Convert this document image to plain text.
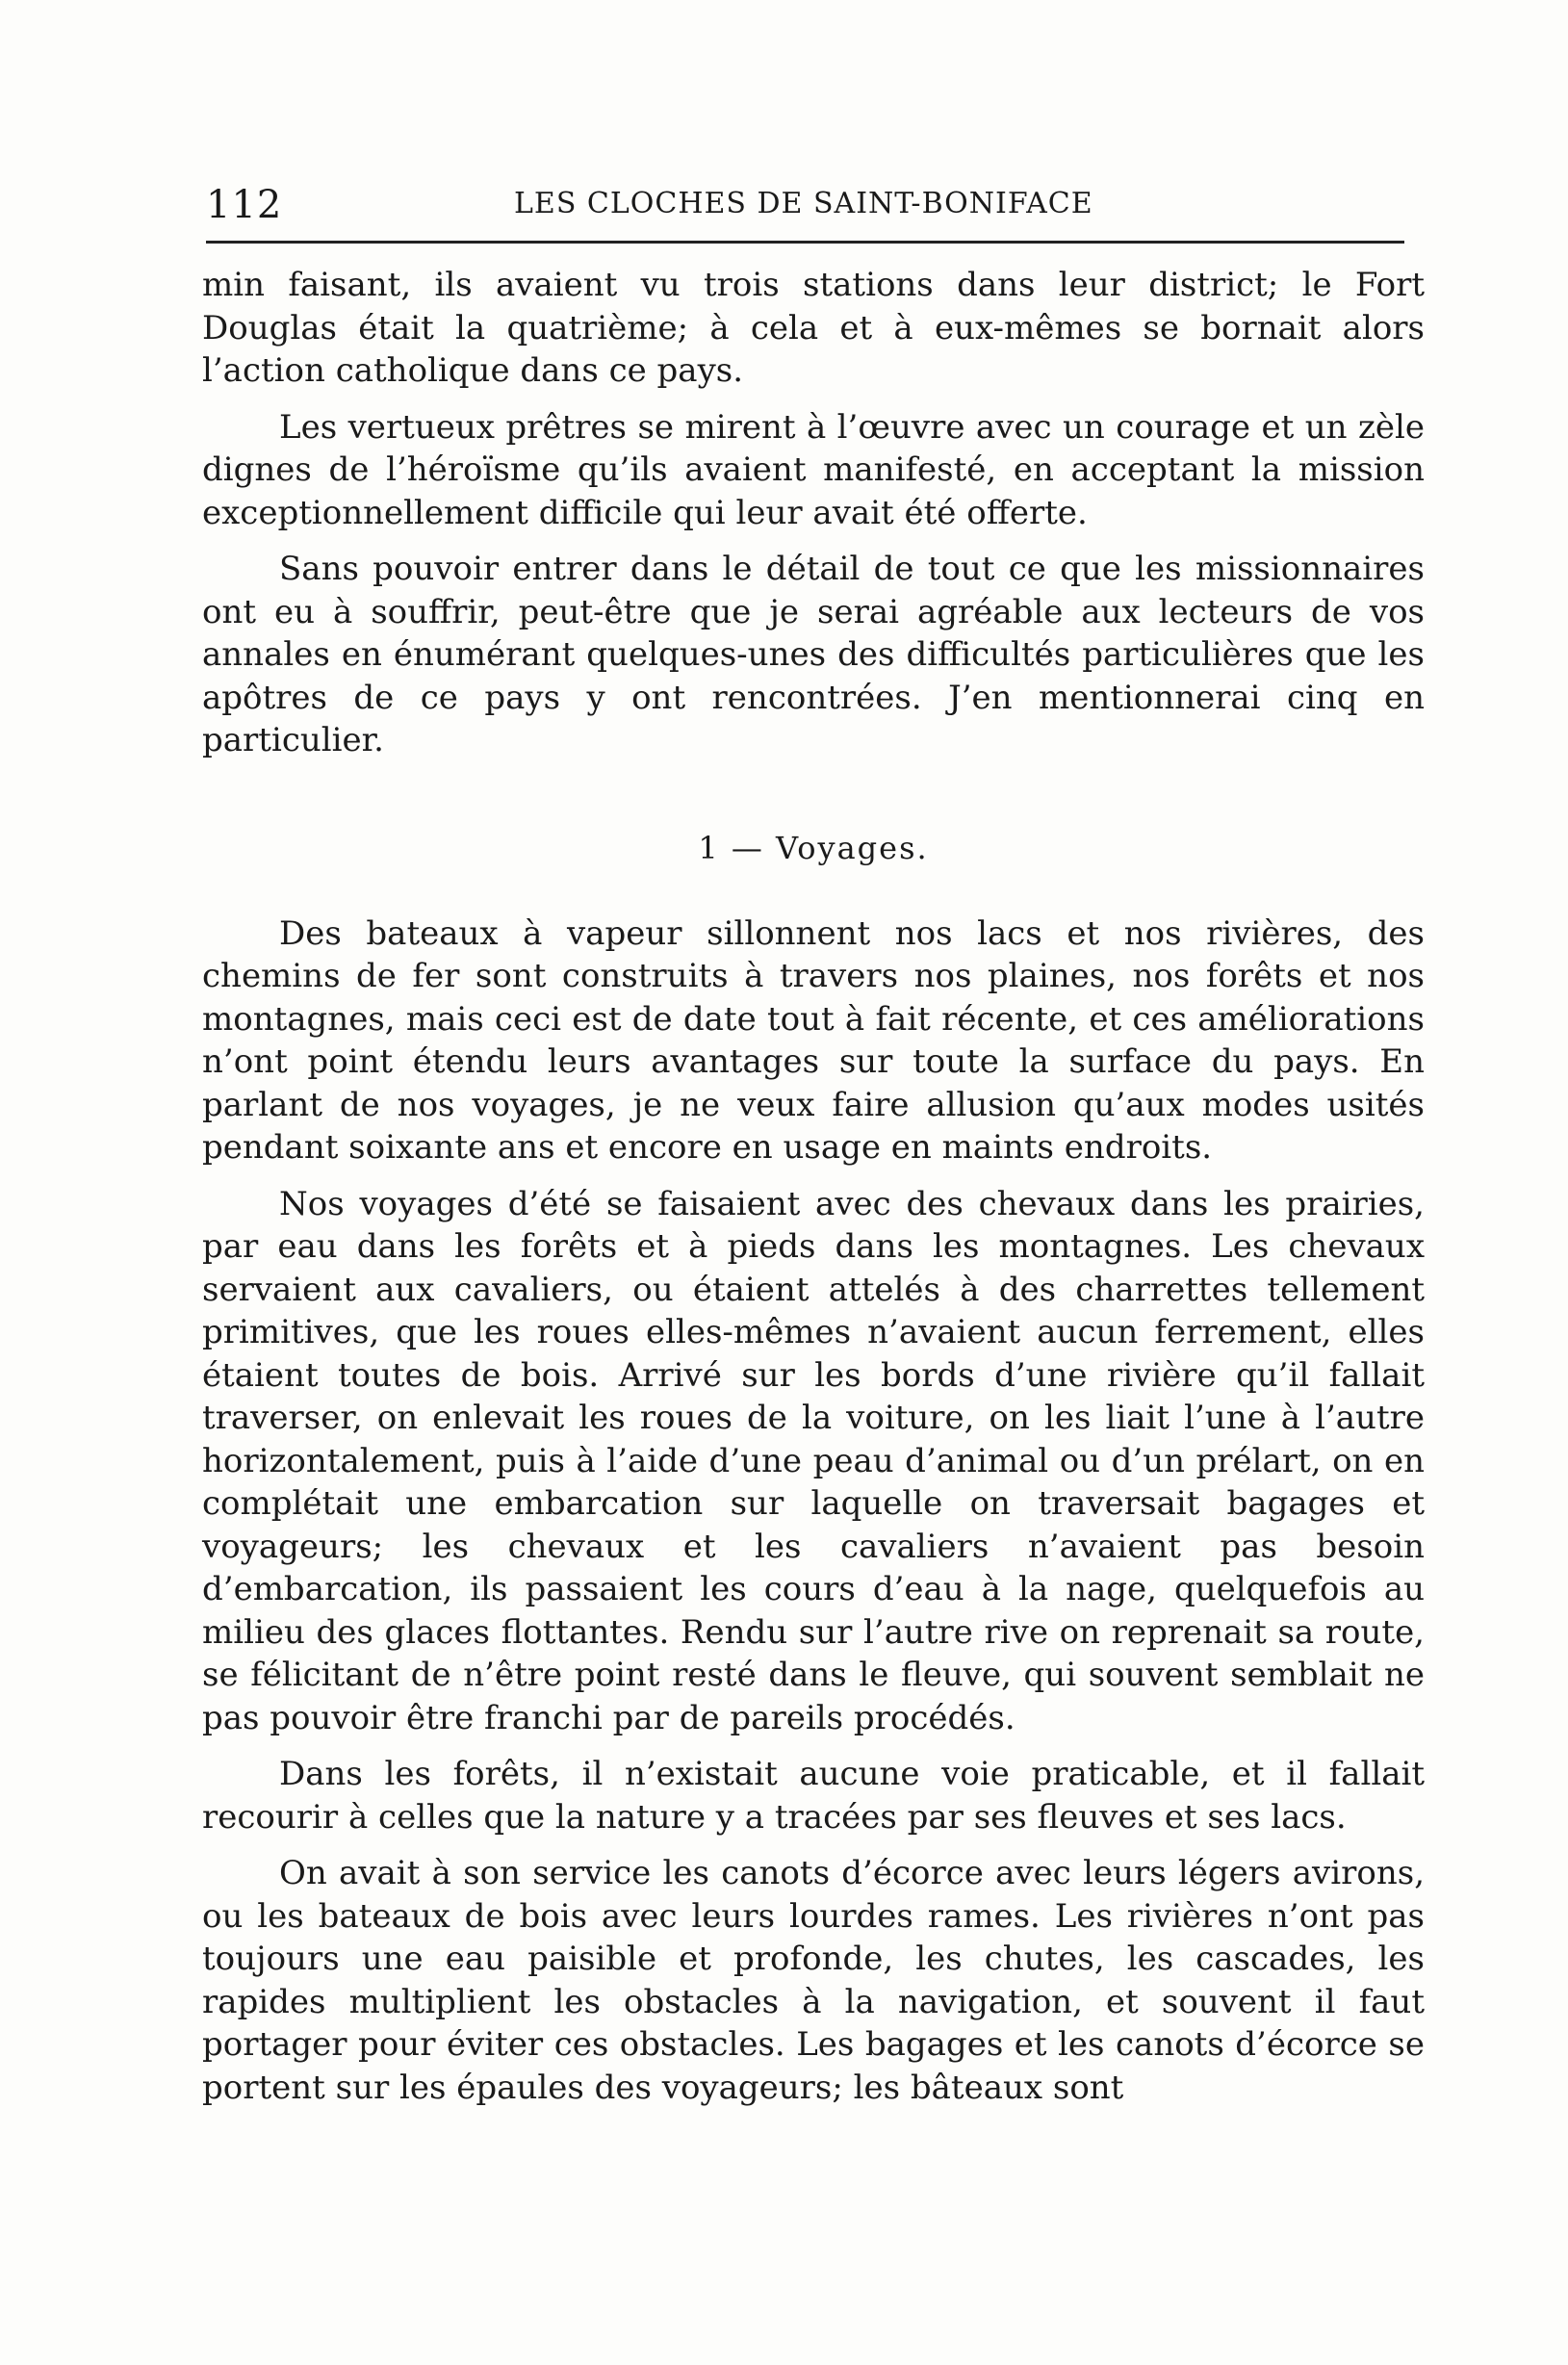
112	LES CLOCHES DE SAINT-BONIFACE

min faisant, ils avaient vu trois stations dans leur district; le Fort Douglas était la quatrième; à cela et à eux-mêmes se bornait alors l’action catholique dans ce pays.

Les vertueux prêtres se mirent à l’œuvre avec un courage et un zèle dignes de l’héroïsme qu’ils avaient manifesté, en acceptant la mission exceptionnellement difficile qui leur avait été offerte.

Sans pouvoir entrer dans le détail de tout ce que les missionnaires ont eu à souffrir, peut-être que je serai agréable aux lecteurs de vos annales en énumérant quelques-unes des difficultés particulières que les apôtres de ce pays y ont rencontrées. J’en mentionnerai cinq en particulier.

1 — Voyages.

Des bateaux à vapeur sillonnent nos lacs et nos rivières, des chemins de fer sont construits à travers nos plaines, nos forêts et nos montagnes, mais ceci est de date tout à fait récente, et ces améliorations n’ont point étendu leurs avantages sur toute la surface du pays. En parlant de nos voyages, je ne veux faire allusion qu’aux modes usités pendant soixante ans et encore en usage en maints endroits.

Nos voyages d’été se faisaient avec des chevaux dans les prairies, par eau dans les forêts et à pieds dans les montagnes. Les chevaux servaient aux cavaliers, ou étaient attelés à des charrettes tellement primitives, que les roues elles-mêmes n’avaient aucun ferrement, elles étaient toutes de bois. Arrivé sur les bords d’une rivière qu’il fallait traverser, on enlevait les roues de la voiture, on les liait l’une à l’autre horizontalement, puis à l’aide d’une peau d’animal ou d’un prélart, on en complétait une embarcation sur laquelle on traversait bagages et voyageurs; les chevaux et les cavaliers n’avaient pas besoin d’embarcation, ils passaient les cours d’eau à la nage, quelquefois au milieu des glaces flottantes. Rendu sur l’autre rive on reprenait sa route, se félicitant de n’être point resté dans le fleuve, qui souvent semblait ne pas pouvoir être franchi par de pareils procédés.

Dans les forêts, il n’existait aucune voie praticable, et il fallait recourir à celles que la nature y a tracées par ses fleuves et ses lacs.

On avait à son service les canots d’écorce avec leurs légers avirons, ou les bateaux de bois avec leurs lourdes rames. Les rivières n’ont pas toujours une eau paisible et profonde, les chutes, les cascades, les rapides multiplient les obstacles à la navigation, et souvent il faut portager pour éviter ces obstacles. Les bagages et les canots d’écorce se portent sur les épaules des voyageurs; les bâteaux sont
